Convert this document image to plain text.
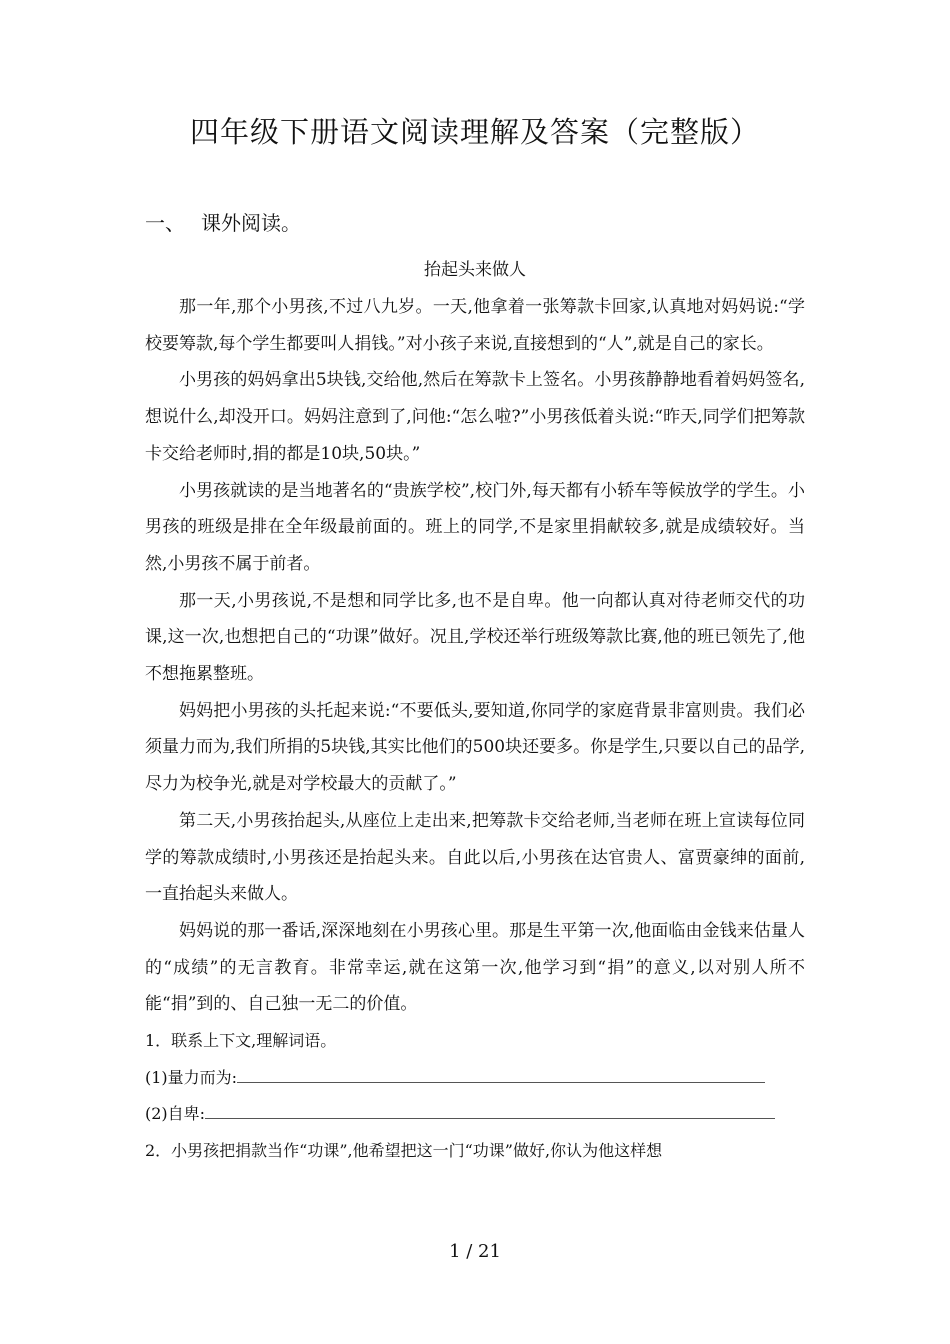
四年级下册语文阅读理解及答案（完整版）
一、 课外阅读。
抬起头来做人

那一年,那个小男孩,不过八九岁。一天,他拿着一张筹款卡回家,认真地对妈妈说:“学校要筹款,每个学生都要叫人捐钱。”对小孩子来说,直接想到的“人”,就是自己的家长。

小男孩的妈妈拿出5块钱,交给他,然后在筹款卡上签名。小男孩静静地看着妈妈签名,想说什么,却没开口。妈妈注意到了,问他:“怎么啦?”小男孩低着头说:“昨天,同学们把筹款卡交给老师时,捐的都是10块,50块。”

小男孩就读的是当地著名的“贵族学校”,校门外,每天都有小轿车等候放学的学生。小男孩的班级是排在全年级最前面的。班上的同学,不是家里捐献较多,就是成绩较好。当然,小男孩不属于前者。

那一天,小男孩说,不是想和同学比多,也不是自卑。他一向都认真对待老师交代的功课,这一次,也想把自己的“功课”做好。况且,学校还举行班级筹款比赛,他的班已领先了,他不想拖累整班。

妈妈把小男孩的头托起来说:“不要低头,要知道,你同学的家庭背景非富则贵。我们必须量力而为,我们所捐的5块钱,其实比他们的500块还要多。你是学生,只要以自己的品学,尽力为校争光,就是对学校最大的贡献了。”

第二天,小男孩抬起头,从座位上走出来,把筹款卡交给老师,当老师在班上宣读每位同学的筹款成绩时,小男孩还是抬起头来。自此以后,小男孩在达官贵人、富贾豪绅的面前,一直抬起头来做人。

妈妈说的那一番话,深深地刻在小男孩心里。那是生平第一次,他面临由金钱来估量人的“成绩”的无言教育。非常幸运,就在这第一次,他学习到“捐”的意义,以对别人所不能“捐”到的、自己独一无二的价值。

1．联系上下文,理解词语。

(1)量力而为:

(2)自卑:

2．小男孩把捐款当作“功课”,他希望把这一门“功课”做好,你认为他这样想

1 / 21
